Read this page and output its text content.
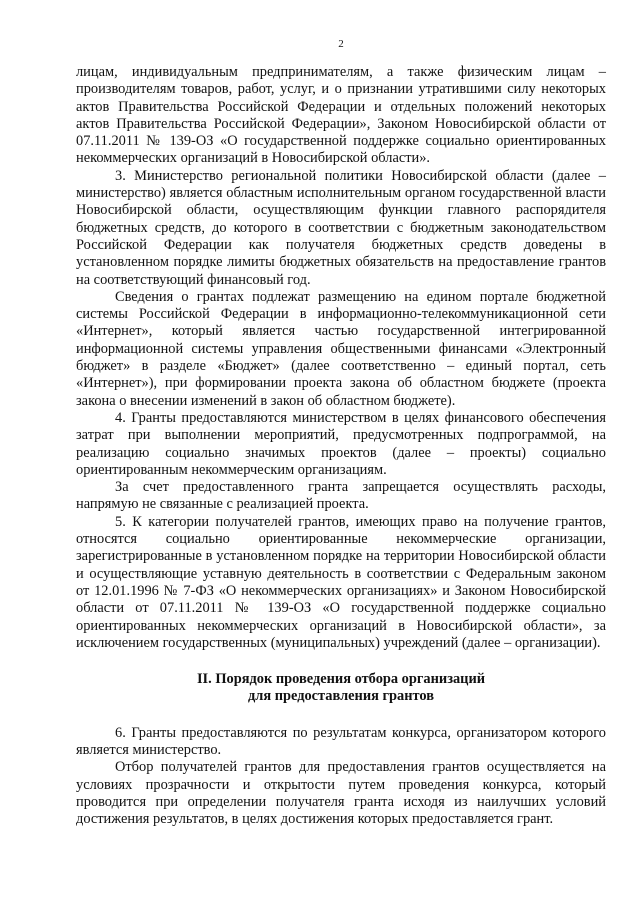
2

лицам, индивидуальным предпринимателям, а также физическим лицам – производителям товаров, работ, услуг, и о признании утратившими силу некоторых актов Правительства Российской Федерации и отдельных положений некоторых актов Правительства Российской Федерации», Законом Новосибирской области от 07.11.2011 № 139-ОЗ «О государственной поддержке социально ориентированных некоммерческих организаций в Новосибирской области».

3. Министерство региональной политики Новосибирской области (далее – министерство) является областным исполнительным органом государственной власти Новосибирской области, осуществляющим функции главного распорядителя бюджетных средств, до которого в соответствии с бюджетным законодательством Российской Федерации как получателя бюджетных средств доведены в установленном порядке лимиты бюджетных обязательств на предоставление грантов на соответствующий финансовый год.

Сведения о грантах подлежат размещению на едином портале бюджетной системы Российской Федерации в информационно-телекоммуникационной сети «Интернет», который является частью государственной интегрированной информационной системы управления общественными финансами «Электронный бюджет» в разделе «Бюджет» (далее соответственно – единый портал, сеть «Интернет»), при формировании проекта закона об областном бюджете (проекта закона о внесении изменений в закон об областном бюджете).

4. Гранты предоставляются министерством в целях финансового обеспечения затрат при выполнении мероприятий, предусмотренных подпрограммой, на реализацию социально значимых проектов (далее – проекты) социально ориентированным некоммерческим организациям.

За счет предоставленного гранта запрещается осуществлять расходы, напрямую не связанные с реализацией проекта.

5. К категории получателей грантов, имеющих право на получение грантов, относятся социально ориентированные некоммерческие организации, зарегистрированные в установленном порядке на территории Новосибирской области и осуществляющие уставную деятельность в соответствии с Федеральным законом от 12.01.1996 № 7-ФЗ «О некоммерческих организациях» и Законом Новосибирской области от 07.11.2011 № 139-ОЗ «О государственной поддержке социально ориентированных некоммерческих организаций в Новосибирской области», за исключением государственных (муниципальных) учреждений (далее – организации).

II. Порядок проведения отбора организаций
для предоставления грантов

6. Гранты предоставляются по результатам конкурса, организатором которого является министерство.

Отбор получателей грантов для предоставления грантов осуществляется на условиях прозрачности и открытости путем проведения конкурса, который проводится при определении получателя гранта исходя из наилучших условий достижения результатов, в целях достижения которых предоставляется грант.
